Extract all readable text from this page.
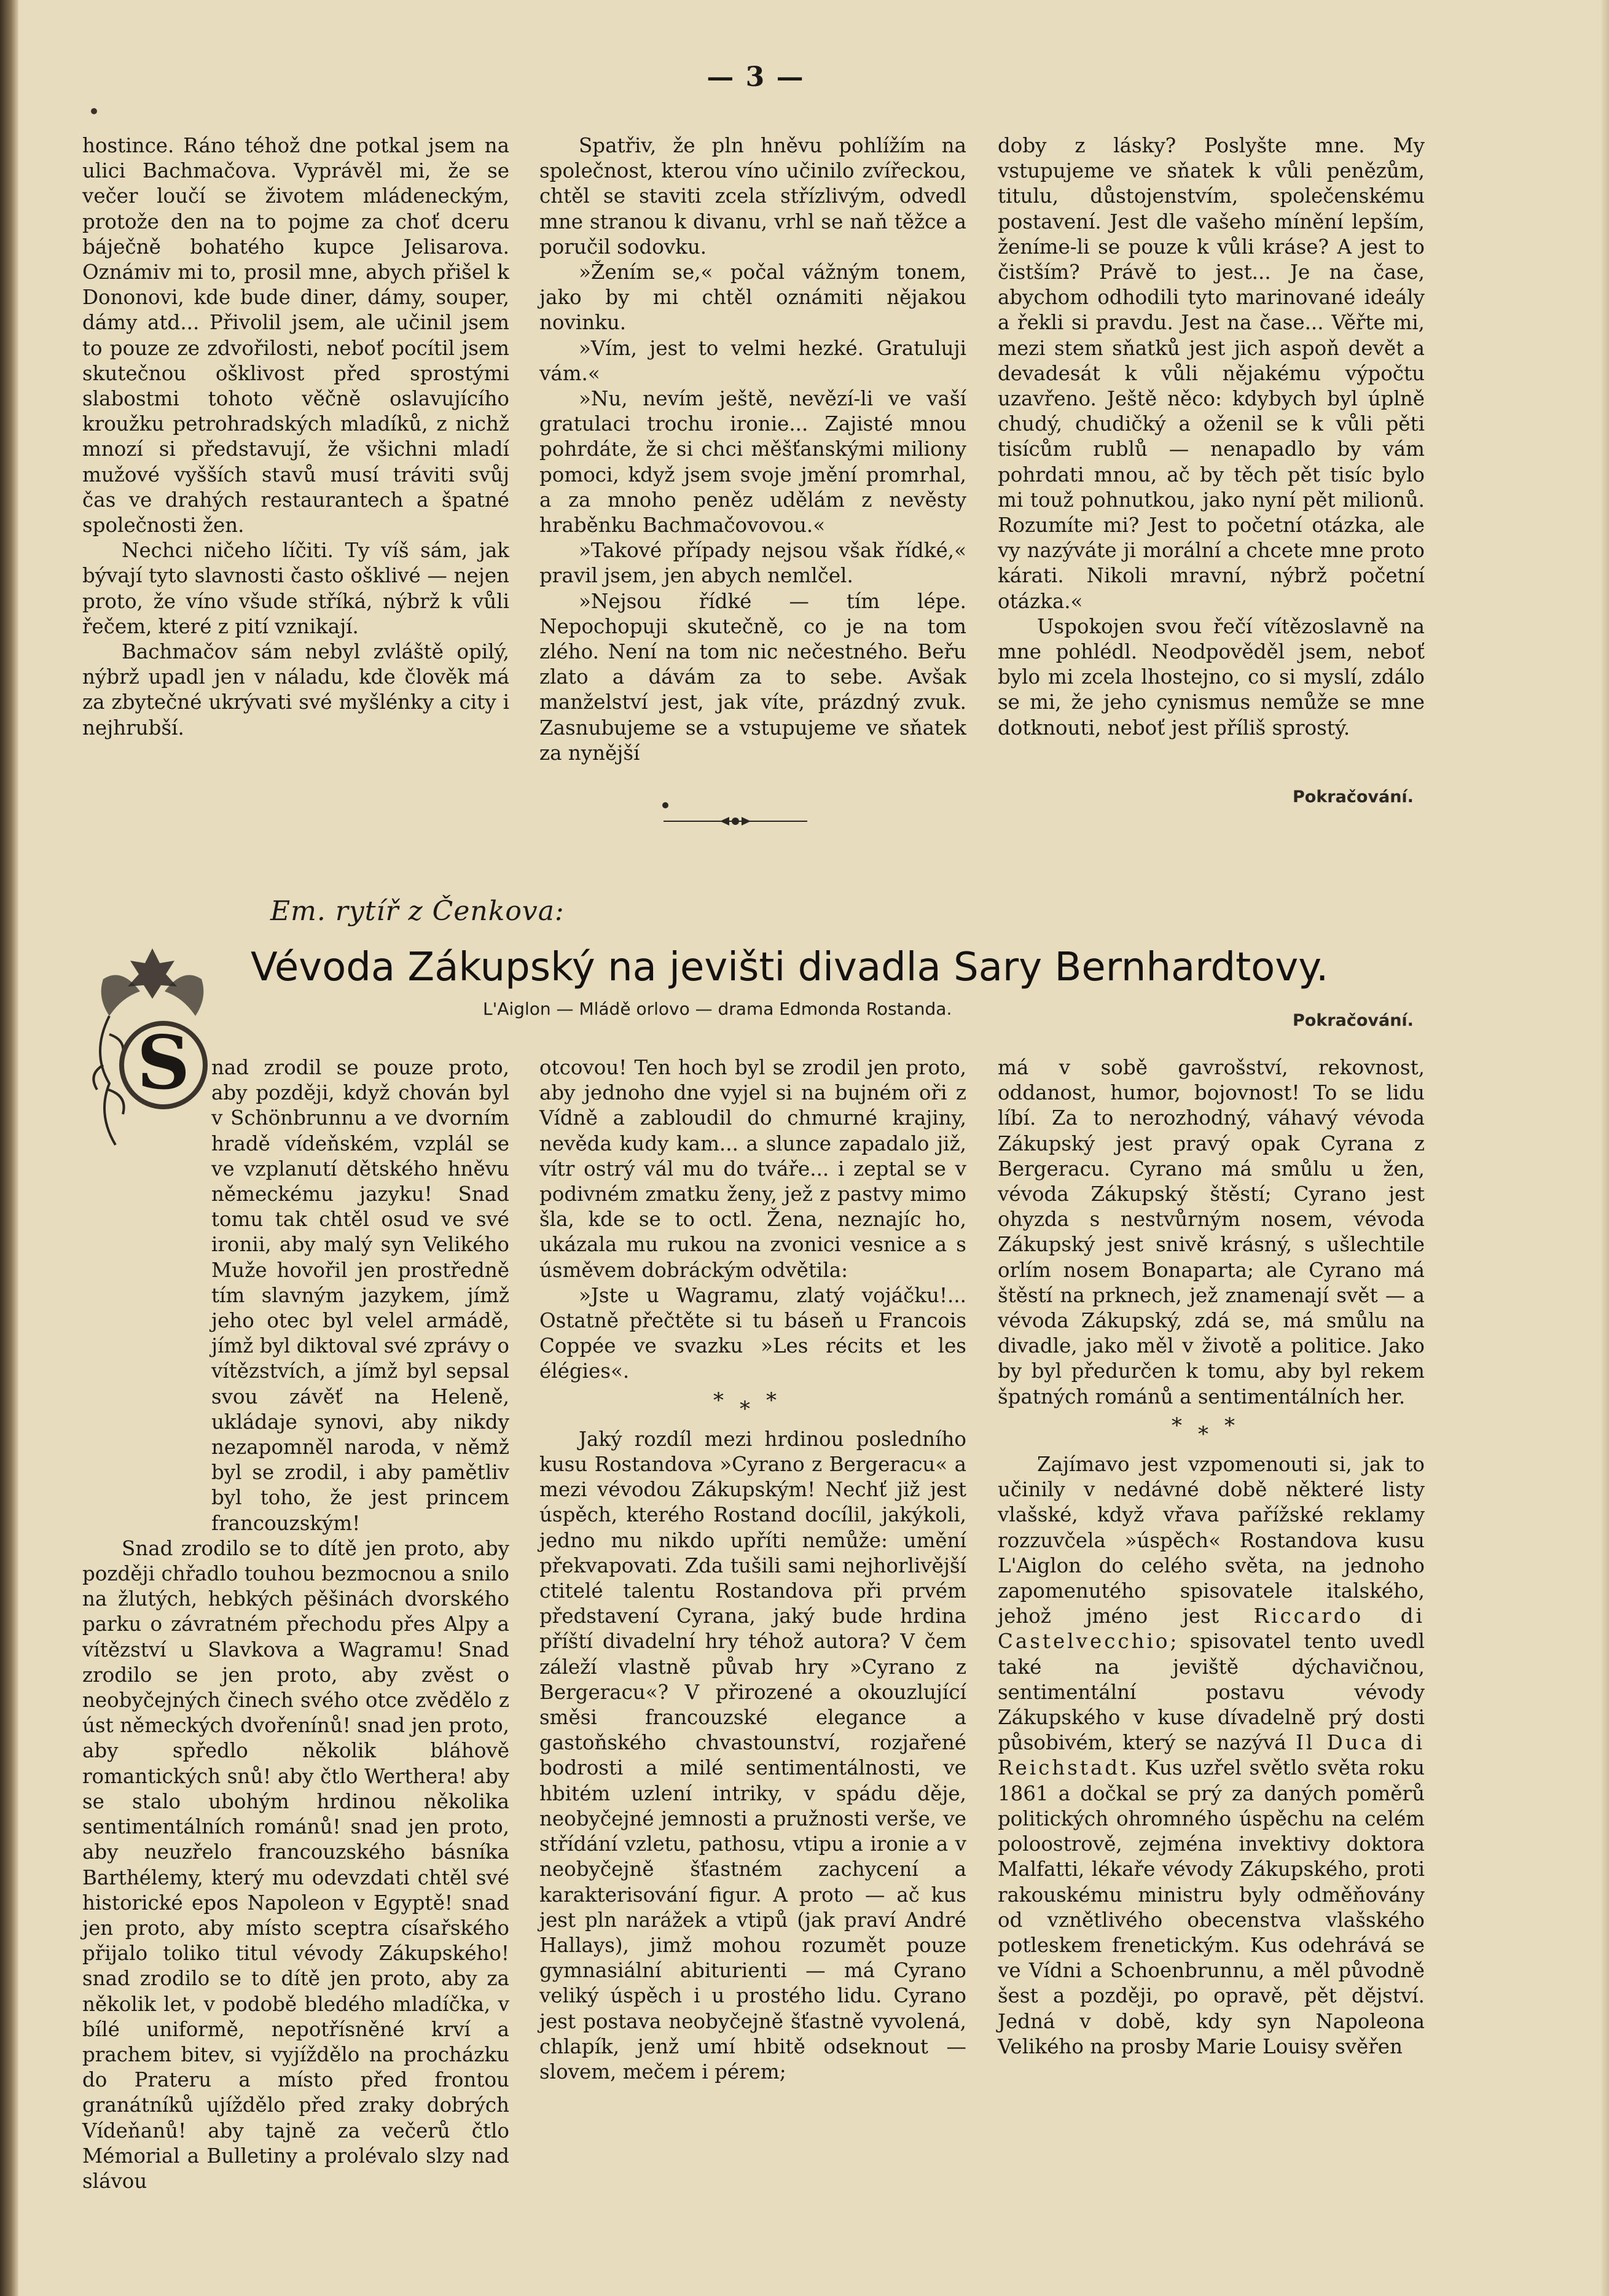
— 3 —

hostince. Ráno téhož dne potkal jsem na ulici Bachmačova. Vyprávěl mi, že se večer loučí se životem mládeneckým, protože den na to pojme za choť dceru báječně bohatého kupce Jelisarova. Oznámiv mi to, prosil mne, abych přišel k Dononovi, kde bude diner, dámy, souper, dámy atd... Přivolil jsem, ale učinil jsem to pouze ze zdvořilosti, neboť pocítil jsem skutečnou ošklivost před sprostými slabostmi tohoto věčně oslavujícího kroužku petrohradských mladíků, z nichž mnozí si představují, že všichni mladí mužové vyšších stavů musí tráviti svůj čas ve drahých restaurantech a špatné společnosti žen.

Nechci ničeho líčiti. Ty víš sám, jak bývají tyto slavnosti často ošklivé — nejen proto, že víno všude stříká, nýbrž k vůli řečem, které z pití vznikají.

Bachmačov sám nebyl zvláště opilý, nýbrž upadl jen v náladu, kde člověk má za zbytečné ukrývati své myšlénky a city i nejhrubší.

Spatřiv, že pln hněvu pohlížím na společnost, kterou víno učinilo zvířeckou, chtěl se staviti zcela střízlivým, odvedl mne stranou k divanu, vrhl se naň těžce a poručil sodovku.

»Žením se,« počal vážným tonem, jako by mi chtěl oznámiti nějakou novinku.

»Vím, jest to velmi hezké. Gratuluji vám.«

»Nu, nevím ještě, nevězí-li ve vaší gratulaci trochu ironie... Zajisté mnou pohrdáte, že si chci měšťanskými miliony pomoci, když jsem svoje jmění promrhal, a za mnoho peněz udělám z nevěsty hraběnku Bachmačovovou.«

»Takové případy nejsou však řídké,« pravil jsem, jen abych nemlčel.

»Nejsou řídké — tím lépe. Nepochopuji skutečně, co je na tom zlého. Není na tom nic nečestného. Beřu zlato a dávám za to sebe. Avšak manželství jest, jak víte, prázdný zvuk. Zasnubujeme se a vstupujeme ve sňatek za nynější

doby z lásky? Poslyšte mne. My vstupujeme ve sňatek k vůli penězům, titulu, důstojenstvím, společenskému postavení. Jest dle vašeho mínění lepším, ženíme-li se pouze k vůli kráse? A jest to čistším? Právě to jest... Je na čase, abychom odhodili tyto marinované ideály a řekli si pravdu. Jest na čase... Věřte mi, mezi stem sňatků jest jich aspoň devět a devadesát k vůli nějakému výpočtu uzavřeno. Ještě něco: kdybych byl úplně chudý, chudičký a oženil se k vůli pěti tisícům rublů — nenapadlo by vám pohrdati mnou, ač by těch pět tisíc bylo mi touž pohnutkou, jako nyní pět milionů. Rozumíte mi? Jest to početní otázka, ale vy nazýváte ji morální a chcete mne proto kárati. Nikoli mravní, nýbrž početní otázka.«

Uspokojen svou řečí vítězoslavně na mne pohlédl. Neodpověděl jsem, neboť bylo mi zcela lhostejno, co si myslí, zdálo se mi, že jeho cynismus nemůže se mne dotknouti, neboť jest příliš sprostý.

Pokračování.
Em. rytíř z Čenkova:
S
Vévoda Zákupský na jevišti divadla Sary Bernhardtovy.
L'Aiglon — Mládě orlovo — drama Edmonda Rostanda.
Pokračování.

nad zrodil se pouze proto, aby později, když chován byl v Schönbrunnu a ve dvorním hradě vídeňském, vzplál se ve vzplanutí dětského hněvu německému jazyku! Snad tomu tak chtěl osud ve své ironii, aby malý syn Velikého Muže hovořil jen prostředně tím slavným jazykem, jímž jeho otec byl velel armádě, jímž byl diktoval své zprávy o vítězstvích, a jímž byl sepsal svou závěť na Heleně, ukládaje synovi, aby nikdy nezapomněl naroda, v němž byl se zrodil, i aby pamětliv byl toho, že jest princem francouzským!

Snad zrodilo se to dítě jen proto, aby později chřadlo touhou bezmocnou a snilo na žlutých, hebkých pěšinách dvorského parku o závratném přechodu přes Alpy a vítězství u Slavkova a Wagramu! Snad zrodilo se jen proto, aby zvěst o neobyčejných činech svého otce zvědělo z úst německých dvořenínů! snad jen proto, aby spředlo několik bláhově romantických snů! aby čtlo Werthera! aby se stalo ubohým hrdinou několika sentimentálních románů! snad jen proto, aby neuzřelo francouzského básníka Barthélemy, který mu odevzdati chtěl své historické epos Napoleon v Egyptě! snad jen proto, aby místo sceptra císařského přijalo toliko titul vévody Zákupského! snad zrodilo se to dítě jen proto, aby za několik let, v podobě bledého mladíčka, v bílé uniformě, nepotřísněné krví a prachem bitev, si vyjíždělo na procházku do Prateru a místo před frontou granátníků ujíždělo před zraky dobrých Vídeňanů! aby tajně za večerů čtlo Mémorial a Bulletiny a prolévalo slzy nad slávou

otcovou! Ten hoch byl se zrodil jen proto, aby jednoho dne vyjel si na bujném oři z Vídně a zabloudil do chmurné krajiny, nevěda kudy kam... a slunce zapadalo již, vítr ostrý vál mu do tváře... i zeptal se v podivném zmatku ženy, jež z pastvy mimo šla, kde se to octl. Žena, neznajíc ho, ukázala mu rukou na zvonici vesnice a s úsměvem dobráckým odvětila:

»Jste u Wagramu, zlatý vojáčku!... Ostatně přečtěte si tu báseň u Francois Coppée ve svazku »Les récits et les élégies«.

***

Jaký rozdíl mezi hrdinou posledního kusu Rostandova »Cyrano z Bergeracu« a mezi vévodou Zákupským! Nechť již jest úspěch, kterého Rostand docílil, jakýkoli, jedno mu nikdo upříti nemůže: umění překvapovati. Zda tušili sami nejhorlivější ctitelé talentu Rostandova při prvém představení Cyrana, jaký bude hrdina příští divadelní hry téhož autora? V čem záleží vlastně půvab hry »Cyrano z Bergeracu«? V přirozené a okouzlující směsi francouzské elegance a gastoňského chvastounství, rozjařené bodrosti a milé sentimentálnosti, ve hbitém uzlení intriky, v spádu děje, neobyčejné jemnosti a pružnosti verše, ve střídání vzletu, pathosu, vtipu a ironie a v neobyčejně šťastném zachycení a karakterisování figur. A proto — ač kus jest pln narážek a vtipů (jak praví André Hallays), jimž mohou rozumět pouze gymnasiální abiturienti — má Cyrano veliký úspěch i u prostého lidu. Cyrano jest postava neobyčejně šťastně vyvolená, chlapík, jenž umí hbitě odseknout — slovem, mečem i pérem;

má v sobě gavrošství, rekovnost, oddanost, humor, bojovnost! To se lidu líbí. Za to nerozhodný, váhavý vévoda Zákupský jest pravý opak Cyrana z Bergeracu. Cyrano má smůlu u žen, vévoda Zákupský štěstí; Cyrano jest ohyzda s nestvůrným nosem, vévoda Zákupský jest snivě krásný, s ušlechtile orlím nosem Bonaparta; ale Cyrano má štěstí na prknech, jež znamenají svět — a vévoda Zákupský, zdá se, má smůlu na divadle, jako měl v životě a politice. Jako by byl předurčen k tomu, aby byl rekem špatných románů a sentimentálních her.

***

Zajímavo jest vzpomenouti si, jak to učinily v nedávné době některé listy vlašské, když vřava pařížské reklamy rozzuvčela »úspěch« Rostandova kusu L'Aiglon do celého světa, na jednoho zapomenutého spisovatele italského, jehož jméno jest Riccardo di Castelvecchio; spisovatel tento uvedl také na jeviště dýchavičnou, sentimentální postavu vévody Zákupského v kuse dívadelně prý dosti působivém, který se nazývá Il Duca di Reichstadt. Kus uzřel světlo světa roku 1861 a dočkal se prý za daných poměrů politických ohromného úspěchu na celém poloostrově, zejména invektivy doktora Malfatti, lékaře vévody Zákupského, proti rakouskému ministru byly odměňovány od vznětlivého obecenstva vlašského potleskem frenetickým. Kus odehrává se ve Vídni a Schoenbrunnu, a měl původně šest a později, po opravě, pět dějství. Jedná v době, kdy syn Napoleona Velikého na prosby Marie Louisy svěřen
